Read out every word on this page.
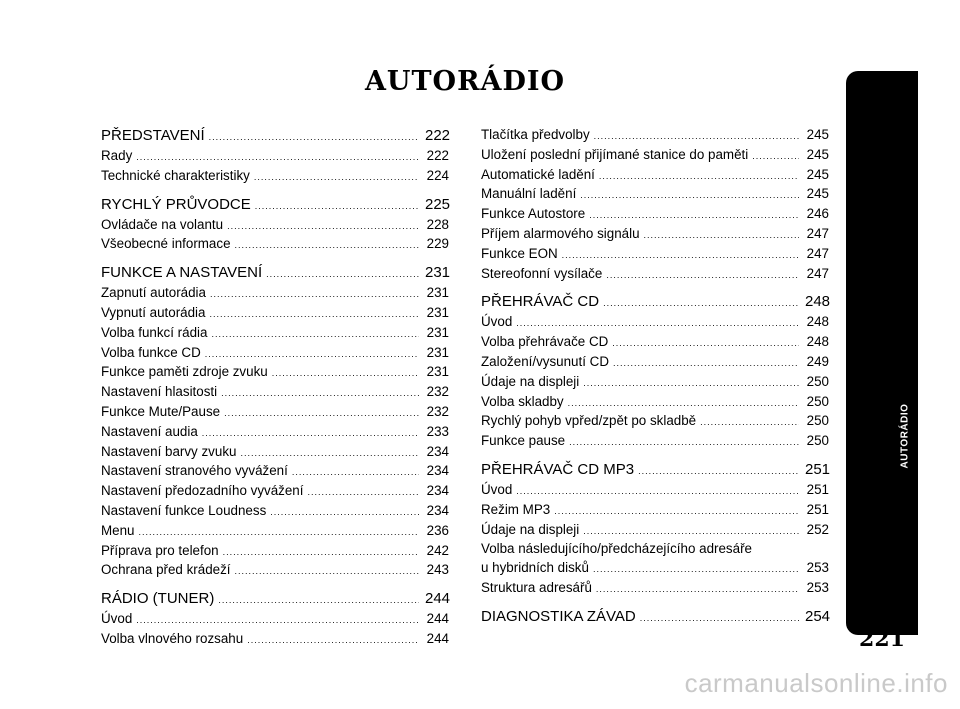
AUTORÁDIO
PŘEDSTAVENÍ .....	222
Rady .....	222
Technické charakteristiky .....	224
RYCHLÝ PRŮVODCE .....	225
Ovládače na volantu .....	228
Všeobecné informace .....	229
FUNKCE A NASTAVENÍ .....	231
Zapnutí autorádia .....	231
Vypnutí autorádia .....	231
Volba funkcí rádia .....	231
Volba funkce CD .....	231
Funkce paměti zdroje zvuku .....	231
Nastavení hlasitosti .....	232
Funkce Mute/Pause .....	232
Nastavení audia .....	233
Nastavení barvy zvuku .....	234
Nastavení stranového vyvážení .....	234
Nastavení předozadního vyvážení .....	234
Nastavení funkce Loudness .....	234
Menu .....	236
Příprava pro telefon .....	242
Ochrana před krádeží .....	243
RÁDIO (TUNER) .....	244
Úvod .....	244
Volba vlnového rozsahu .....	244
Tlačítka předvolby .....	245
Uložení poslední přijímané stanice do paměti .....	245
Automatické ladění .....	245
Manuální ladění .....	245
Funkce Autostore .....	246
Příjem alarmového signálu .....	247
Funkce EON .....	247
Stereofonní vysílače .....	247
PŘEHRÁVAČ CD .....	248
Úvod .....	248
Volba přehrávače CD .....	248
Založení/vysunutí CD .....	249
Údaje na displeji .....	250
Volba skladby .....	250
Rychlý pohyb vpřed/zpět po skladbě .....	250
Funkce pause .....	250
PŘEHRÁVAČ CD MP3 .....	251
Úvod .....	251
Režim MP3 .....	251
Údaje na displeji .....	252
Volba následujícího/předcházejícího adresáře
u hybridních disků .....	253
Struktura adresářů .....	253
DIAGNOSTIKA ZÁVAD .....	254
AUTORÁDIO
221
carmanualsonline.info
